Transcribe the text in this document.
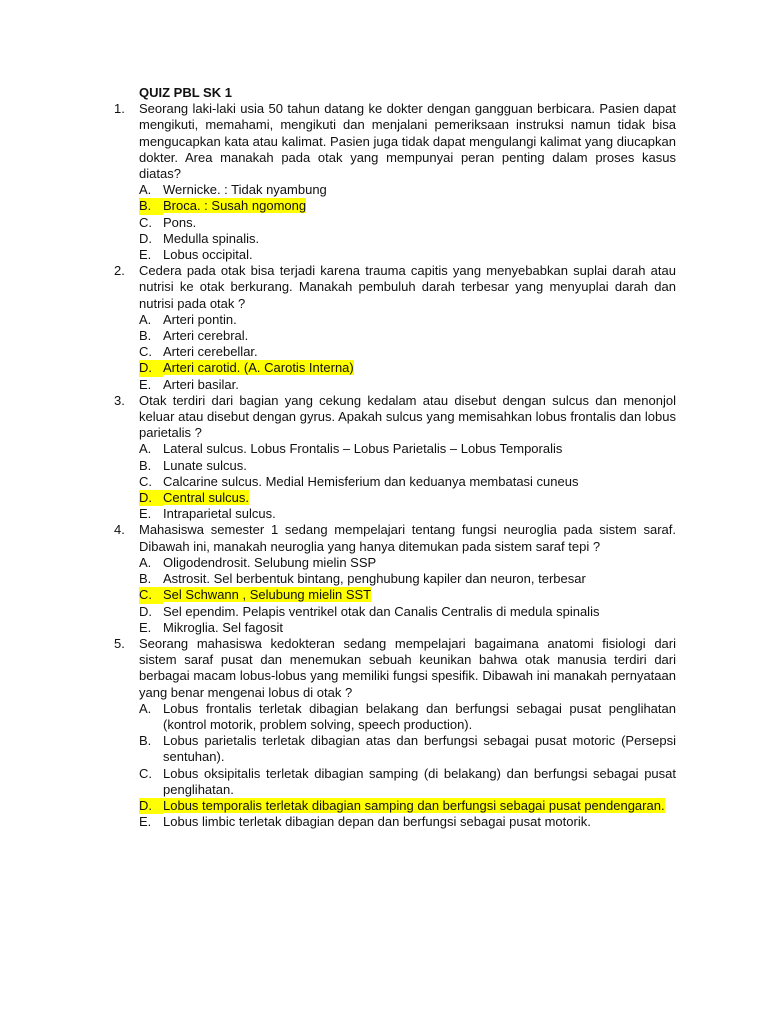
QUIZ PBL SK 1
1.	Seorang laki-laki usia 50 tahun datang ke dokter dengan gangguan berbicara. Pasien dapat mengikuti, memahami, mengikuti dan menjalani pemeriksaan instruksi namun tidak bisa mengucapkan kata atau kalimat. Pasien juga tidak dapat mengulangi kalimat yang diucapkan dokter. Area manakah pada otak yang mempunyai peran penting dalam proses kasus diatas?

A. Wernicke. : Tidak nyambung
B. Broca. : Susah ngomong
C. Pons.
D. Medulla spinalis.
E. Lobus occipital.
2.	Cedera pada otak bisa terjadi karena trauma capitis yang menyebabkan suplai darah atau nutrisi ke otak berkurang. Manakah pembuluh darah terbesar yang menyuplai darah dan nutrisi pada otak ?

A. Arteri pontin.
B. Arteri cerebral.
C. Arteri cerebellar.
D. Arteri carotid. (A. Carotis Interna)
E. Arteri basilar.
3.	Otak terdiri dari bagian yang cekung kedalam atau disebut dengan sulcus dan menonjol keluar atau disebut dengan gyrus. Apakah sulcus yang memisahkan lobus frontalis dan lobus parietalis ?

A. Lateral sulcus. Lobus Frontalis – Lobus Parietalis – Lobus Temporalis
B. Lunate sulcus.
C. Calcarine sulcus. Medial Hemisferium dan keduanya membatasi cuneus
D. Central sulcus.
E. Intraparietal sulcus.
4.	Mahasiswa semester 1 sedang mempelajari tentang fungsi neuroglia pada sistem saraf. Dibawah ini, manakah neuroglia yang hanya ditemukan pada sistem saraf tepi ?

A. Oligodendrosit. Selubung mielin SSP
B. Astrosit. Sel berbentuk bintang, penghubung kapiler dan neuron, terbesar
C. Sel Schwann , Selubung mielin SST
D. Sel ependim. Pelapis ventrikel otak dan Canalis Centralis di medula spinalis
E. Mikroglia. Sel fagosit
5.	Seorang mahasiswa kedokteran sedang mempelajari bagaimana anatomi fisiologi dari sistem saraf pusat dan menemukan sebuah keunikan bahwa otak manusia terdiri dari berbagai macam lobus-lobus yang memiliki fungsi spesifik. Dibawah ini manakah pernyataan yang benar mengenai lobus di otak ?

A. Lobus frontalis terletak dibagian belakang dan berfungsi sebagai pusat penglihatan (kontrol motorik, problem solving, speech production).
B. Lobus parietalis terletak dibagian atas dan berfungsi sebagai pusat motoric (Persepsi sentuhan).
C. Lobus oksipitalis terletak dibagian samping (di belakang) dan berfungsi sebagai pusat penglihatan.
D. Lobus temporalis terletak dibagian samping dan berfungsi sebagai pusat pendengaran.
E. Lobus limbic terletak dibagian depan dan berfungsi sebagai pusat motorik.
